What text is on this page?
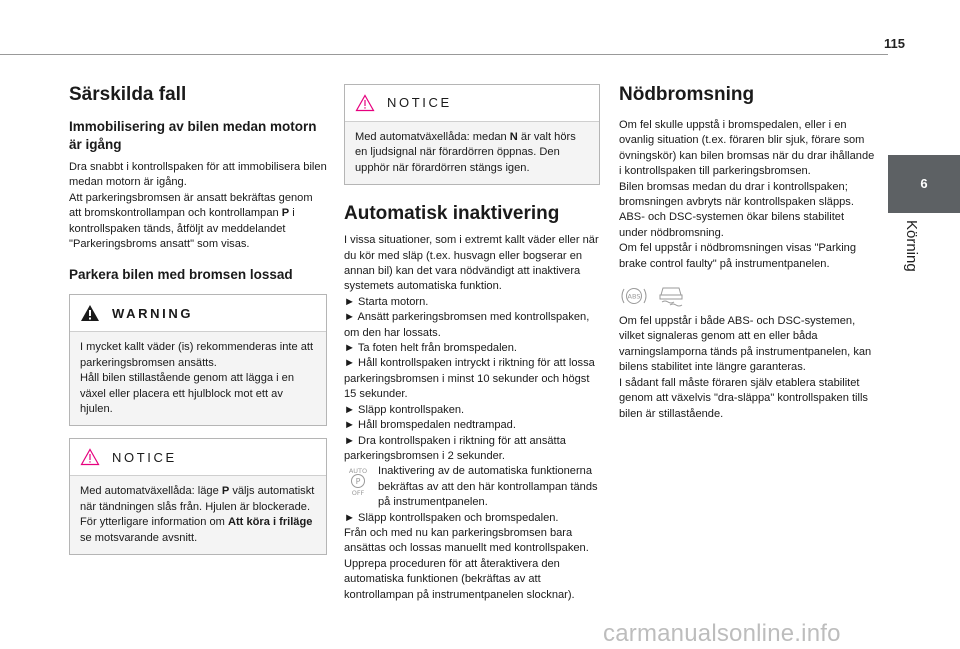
115
6
Körning
Särskilda fall
Immobilisering av bilen medan motorn är igång

Dra snabbt i kontrollspaken för att immobilisera bilen medan motorn är igång.

Att parkeringsbromsen är ansatt bekräftas genom att bromskontrollampan och kontrollampan P i kontrollspaken tänds, åtföljt av meddelandet "Parkeringsbroms ansatt" som visas.

Parkera bilen med bromsen lossad
WARNING

I mycket kallt väder (is) rekommenderas inte att parkeringsbromsen ansätts.

Håll bilen stillastående genom att lägga i en växel eller placera ett hjulblock mot ett av hjulen.

NOTICE

Med automatväxellåda: läge P väljs automatiskt när tändningen slås från. Hjulen är blockerade.

För ytterligare information om Att köra i friläge se motsvarande avsnitt.

NOTICE

Med automatväxellåda: medan N är valt hörs en ljudsignal när förardörren öppnas. Den upphör när förardörren stängs igen.

Automatisk inaktivering

I vissa situationer, som i extremt kallt väder eller när du kör med släp (t.ex. husvagn eller bogserar en annan bil) kan det vara nödvändigt att inaktivera systemets automatiska funktion.

► Starta motorn.

► Ansätt parkeringsbromsen med kontrollspaken, om den har lossats.

► Ta foten helt från bromspedalen.

► Håll kontrollspaken intryckt i riktning för att lossa parkeringsbromsen i minst 10 sekunder och högst 15 sekunder.

► Släpp kontrollspaken.

► Håll bromspedalen nedtrampad.

► Dra kontrollspaken i riktning för att ansätta parkeringsbromsen i 2 sekunder.

AUTO
P
OFF

Inaktivering av de automatiska funktionerna bekräftas av att den här kontrollampan tänds på instrumentpanelen.

► Släpp kontrollspaken och bromspedalen.

Från och med nu kan parkeringsbromsen bara ansättas och lossas manuellt med kontrollspaken.

Upprepa proceduren för att återaktivera den automatiska funktionen (bekräftas av att kontrollampan på instrumentpanelen slocknar).

Nödbromsning

Om fel skulle uppstå i bromspedalen, eller i en ovanlig situation (t.ex. föraren blir sjuk, förare som övningskör) kan bilen bromsas när du drar ihållande i kontrollspaken till parkeringsbromsen.

Bilen bromsas medan du drar i kontrollspaken; bromsningen avbryts när kontrollspaken släpps.

ABS- och DSC-systemen ökar bilens stabilitet under nödbromsning.

Om fel uppstår i nödbromsningen visas "Parking brake control faulty" på instrumentpanelen.

ABS

Om fel uppstår i både ABS- och DSC-systemen, vilket signaleras genom att en eller båda varningslamporna tänds på instrumentpanelen, kan bilens stabilitet inte längre garanteras.

I sådant fall måste föraren själv etablera stabilitet genom att växelvis "dra-släppa" kontrollspaken tills bilen är stillastående.

carmanualsonline.info
